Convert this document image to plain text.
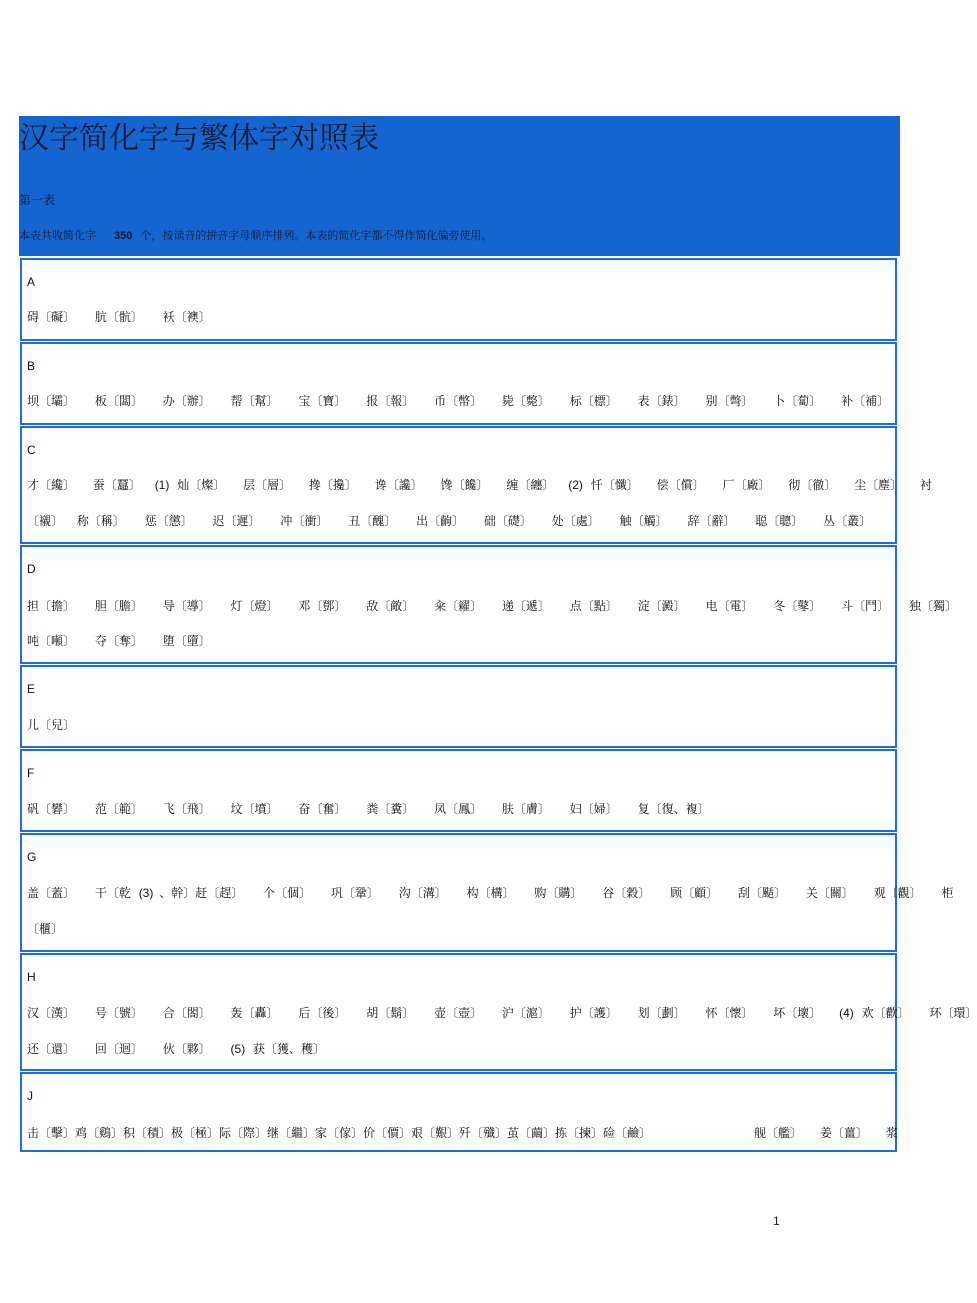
汉字简化字与繁体字对照表
第一表
本表共收简化字 350 个，按读音的拼音字母顺序排列。本表的简化字都不得作简化偏旁使用。
A
碍〔礙〕 肮〔骯〕 袄〔襖〕
B
坝〔壩〕 板〔闆〕 办〔辦〕 帮〔幫〕 宝〔寶〕 报〔報〕 币〔幣〕 毙〔斃〕 标〔標〕 表〔錶〕 别〔彆〕 卜〔蔔〕 补〔補〕
C
才〔纔〕 蚕〔蠶〕 (1) 灿〔燦〕 层〔層〕 搀〔攙〕 谗〔讒〕 馋〔饞〕 缠〔纏〕 (2) 忏〔懺〕 偿〔償〕 厂〔廠〕 彻〔徹〕 尘〔塵〕 衬
〔襯〕 称〔稱〕 惩〔懲〕 迟〔遲〕 冲〔衝〕 丑〔醜〕 出〔齣〕 础〔礎〕 处〔處〕 触〔觸〕 辞〔辭〕 聪〔聰〕 丛〔叢〕
D
担〔擔〕 胆〔膽〕 导〔導〕 灯〔燈〕 邓〔鄧〕 敌〔敵〕 籴〔糴〕 递〔遞〕 点〔點〕 淀〔澱〕 电〔電〕 冬〔鼕〕 斗〔鬥〕 独〔獨〕
吨〔噸〕 夺〔奪〕 堕〔墮〕
E
儿〔兒〕
F
矾〔礬〕 范〔範〕 飞〔飛〕 坟〔墳〕 奋〔奮〕 粪〔糞〕 凤〔鳳〕 肤〔膚〕 妇〔婦〕 复〔復、複〕
G
盖〔蓋〕 干〔乾 (3) 、幹〕赶〔趕〕 个〔個〕 巩〔鞏〕 沟〔溝〕 构〔構〕 购〔購〕 谷〔穀〕 顾〔顧〕 刮〔颳〕 关〔關〕 观〔觀〕 柜
〔櫃〕
H
汉〔漢〕 号〔號〕 合〔閤〕 轰〔轟〕 后〔後〕 胡〔鬍〕 壶〔壺〕 沪〔滬〕 护〔護〕 划〔劃〕 怀〔懷〕 坏〔壞〕 (4) 欢〔歡〕 环〔環〕
还〔還〕 回〔迴〕 伙〔夥〕 (5) 获〔獲、穫〕
J
击〔擊〕鸡〔鷄〕积〔積〕极〔極〕际〔際〕继〔繼〕家〔傢〕价〔價〕艰〔艱〕歼〔殲〕茧〔繭〕拣〔揀〕硷〔鹼〕	舰〔艦〕 姜〔薑〕 浆
1
